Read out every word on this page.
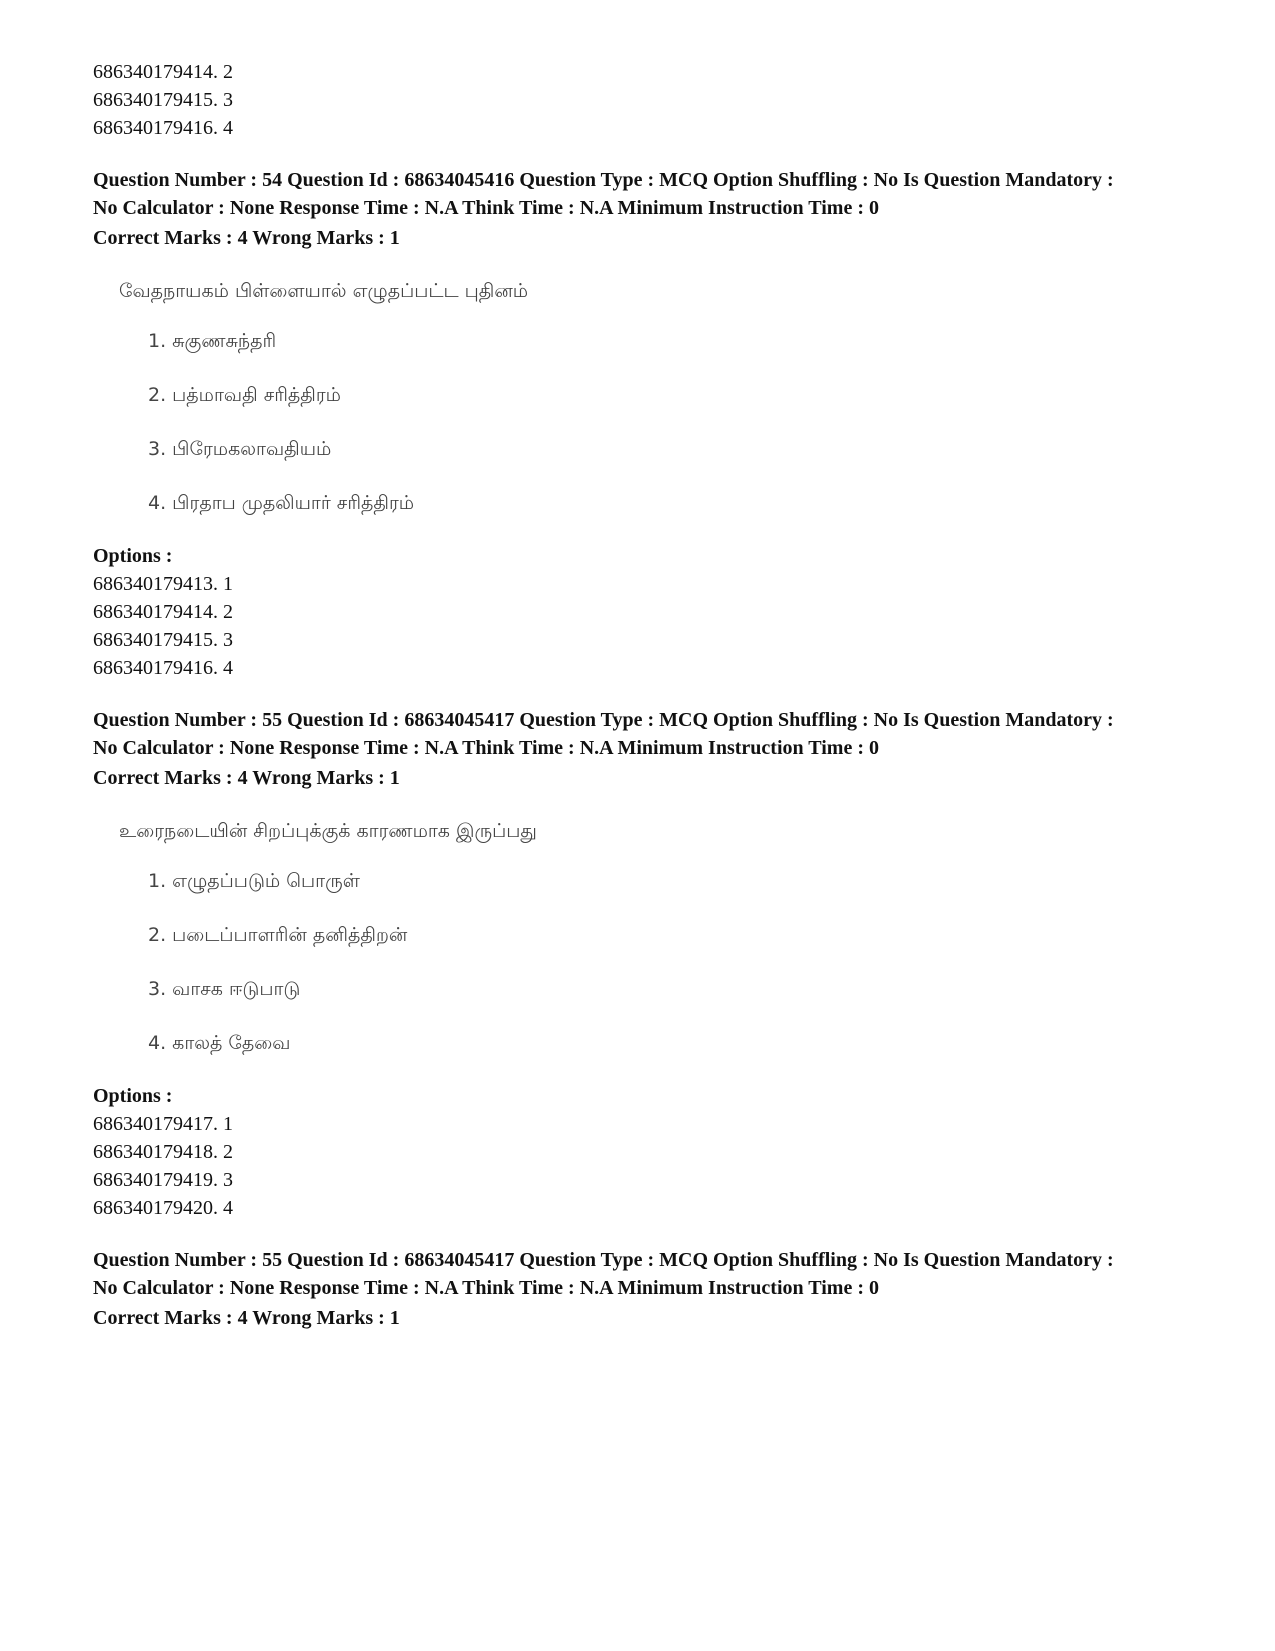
686340179414. 2
686340179415. 3
686340179416. 4
Question Number : 54 Question Id : 68634045416 Question Type : MCQ Option Shuffling : No Is Question Mandatory :
No Calculator : None Response Time : N.A Think Time : N.A Minimum Instruction Time : 0
Correct Marks : 4 Wrong Marks : 1
வேதநாயகம் பிள்ளையால் எழுதப்பட்ட புதினம்
1. சுகுணசுந்தரி
2. பத்மாவதி சரித்திரம்
3. பிரேமகலாவதியம்
4. பிரதாப முதலியார் சரித்திரம்
Options :
686340179413. 1
686340179414. 2
686340179415. 3
686340179416. 4
Question Number : 55 Question Id : 68634045417 Question Type : MCQ Option Shuffling : No Is Question Mandatory :
No Calculator : None Response Time : N.A Think Time : N.A Minimum Instruction Time : 0
Correct Marks : 4 Wrong Marks : 1
உரைநடையின் சிறப்புக்குக் காரணமாக இருப்பது
1. எழுதப்படும் பொருள்
2. படைப்பாளரின் தனித்திறன்
3. வாசக ஈடுபாடு
4. காலத் தேவை
Options :
686340179417. 1
686340179418. 2
686340179419. 3
686340179420. 4
Question Number : 55 Question Id : 68634045417 Question Type : MCQ Option Shuffling : No Is Question Mandatory :
No Calculator : None Response Time : N.A Think Time : N.A Minimum Instruction Time : 0
Correct Marks : 4 Wrong Marks : 1
